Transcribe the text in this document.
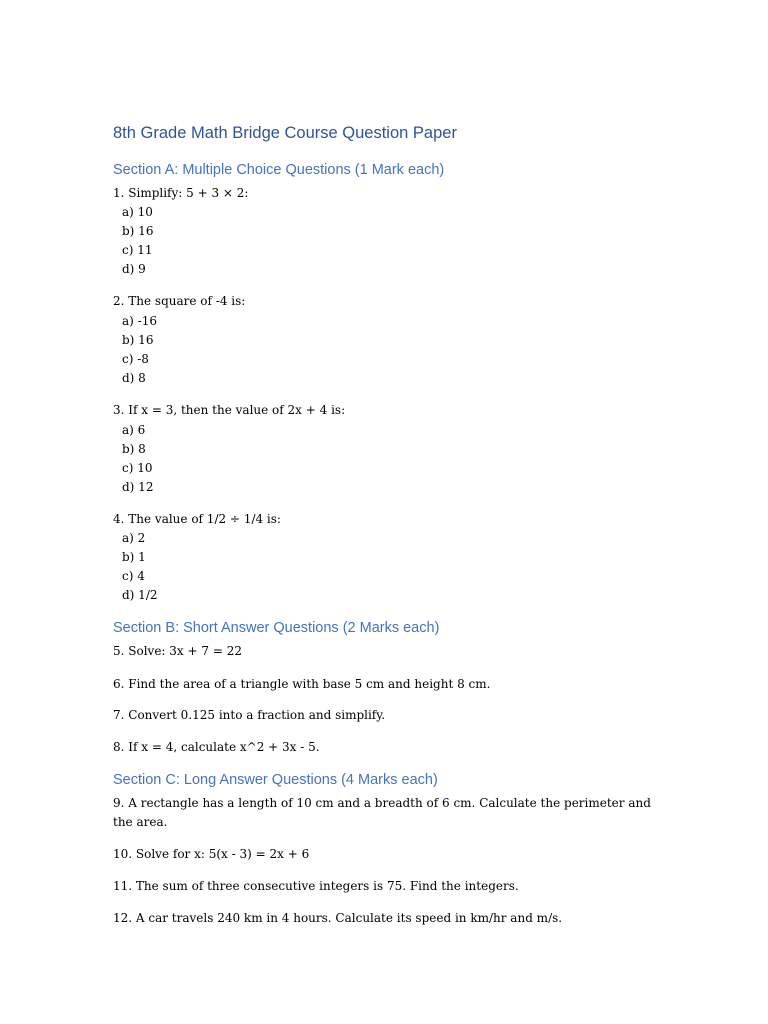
8th Grade Math Bridge Course Question Paper
Section A: Multiple Choice Questions (1 Mark each)

1. Simplify: 5 + 3 × 2:

a) 10

b) 16

c) 11

d) 9

2. The square of -4 is:

a) -16

b) 16

c) -8

d) 8

3. If x = 3, then the value of 2x + 4 is:

a) 6

b) 8

c) 10

d) 12

4. The value of 1/2 ÷ 1/4 is:

a) 2

b) 1

c) 4

d) 1/2

Section B: Short Answer Questions (2 Marks each)

5. Solve: 3x + 7 = 22

6. Find the area of a triangle with base 5 cm and height 8 cm.

7. Convert 0.125 into a fraction and simplify.

8. If x = 4, calculate x^2 + 3x - 5.

Section C: Long Answer Questions (4 Marks each)

9. A rectangle has a length of 10 cm and a breadth of 6 cm. Calculate the perimeter and the area.

10. Solve for x: 5(x - 3) = 2x + 6

11. The sum of three consecutive integers is 75. Find the integers.

12. A car travels 240 km in 4 hours. Calculate its speed in km/hr and m/s.
